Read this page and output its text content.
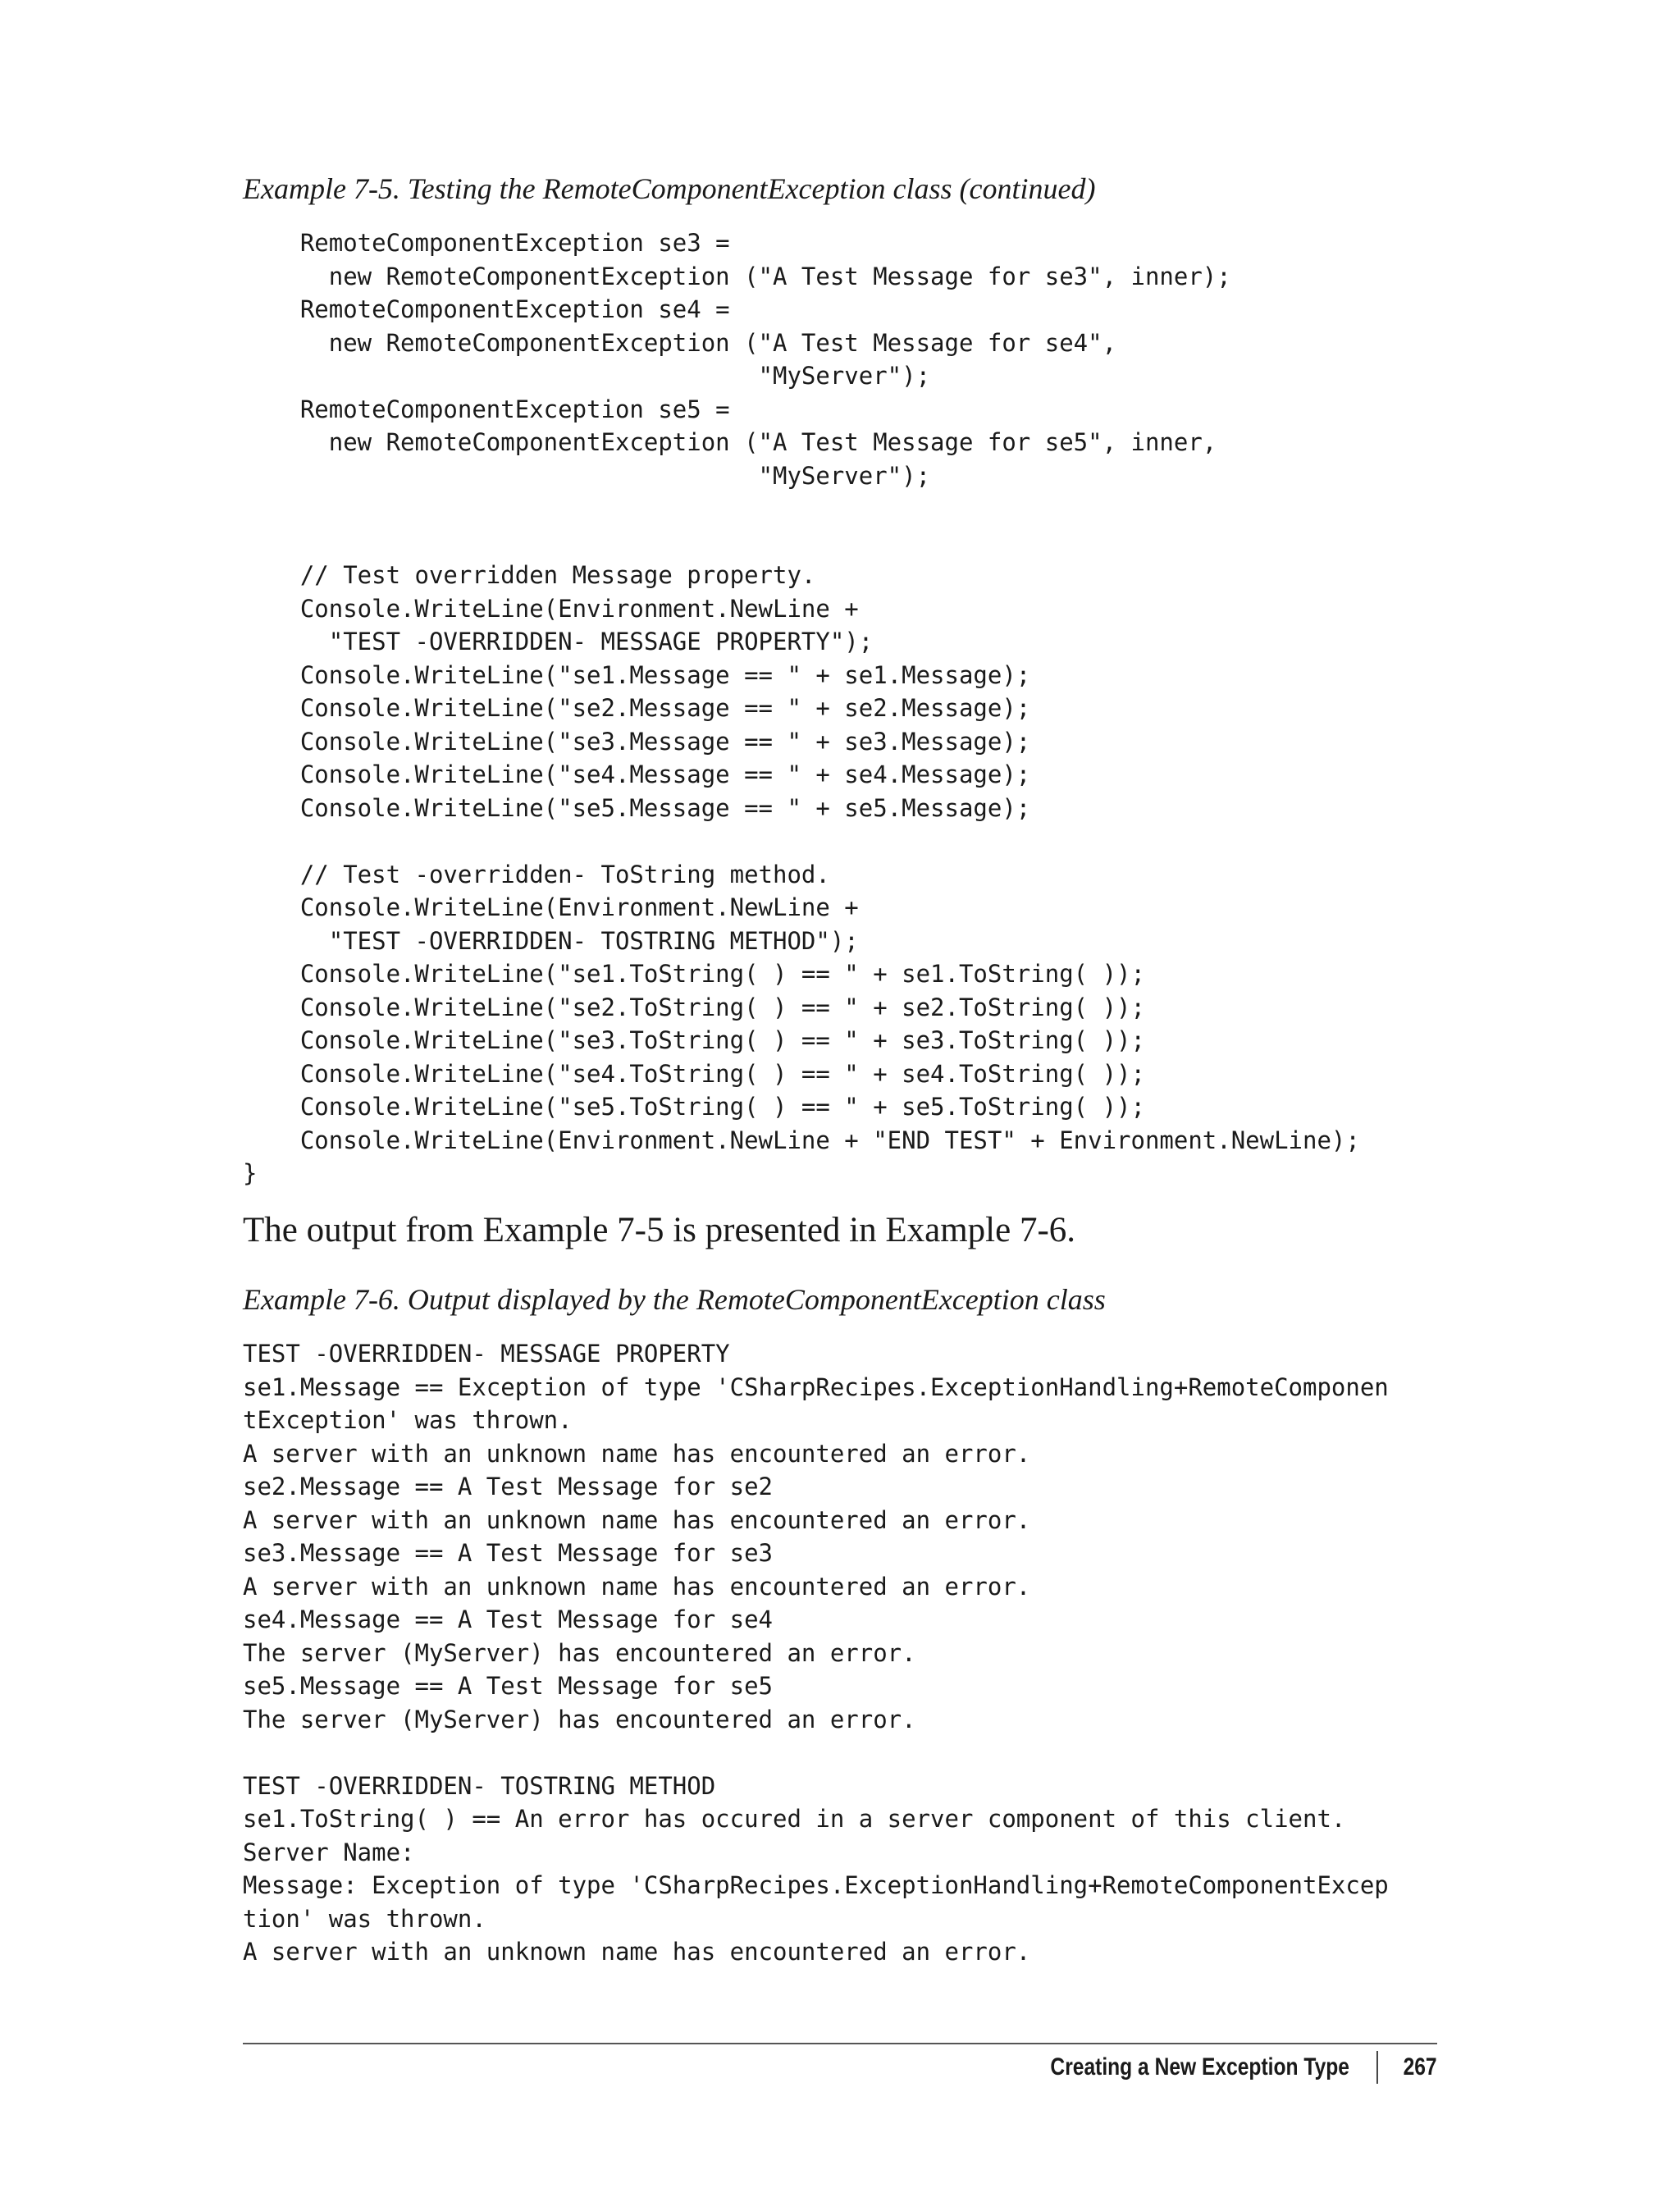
Example 7-5. Testing the RemoteComponentException class (continued)

RemoteComponentException se3 =
new RemoteComponentException ("A Test Message for se3", inner);
RemoteComponentException se4 =
new RemoteComponentException ("A Test Message for se4",
"MyServer");
RemoteComponentException se5 =
new RemoteComponentException ("A Test Message for se5", inner,
"MyServer");

// Test overridden Message property.
Console.WriteLine(Environment.NewLine +
"TEST -OVERRIDDEN- MESSAGE PROPERTY");
Console.WriteLine("se1.Message == " + se1.Message);
Console.WriteLine("se2.Message == " + se2.Message);
Console.WriteLine("se3.Message == " + se3.Message);
Console.WriteLine("se4.Message == " + se4.Message);
Console.WriteLine("se5.Message == " + se5.Message);

// Test -overridden- ToString method.
Console.WriteLine(Environment.NewLine +
"TEST -OVERRIDDEN- TOSTRING METHOD");
Console.WriteLine("se1.ToString( ) == " + se1.ToString( ));
Console.WriteLine("se2.ToString( ) == " + se2.ToString( ));
Console.WriteLine("se3.ToString( ) == " + se3.ToString( ));
Console.WriteLine("se4.ToString( ) == " + se4.ToString( ));
Console.WriteLine("se5.ToString( ) == " + se5.ToString( ));
Console.WriteLine(Environment.NewLine + "END TEST" + Environment.NewLine);
}

The output from Example 7-5 is presented in Example 7-6.

Example 7-6. Output displayed by the RemoteComponentException class

TEST -OVERRIDDEN- MESSAGE PROPERTY
se1.Message == Exception of type 'CSharpRecipes.ExceptionHandling+RemoteComponen
tException' was thrown.
A server with an unknown name has encountered an error.
se2.Message == A Test Message for se2
A server with an unknown name has encountered an error.
se3.Message == A Test Message for se3
A server with an unknown name has encountered an error.
se4.Message == A Test Message for se4
The server (MyServer) has encountered an error.
se5.Message == A Test Message for se5
The server (MyServer) has encountered an error.

TEST -OVERRIDDEN- TOSTRING METHOD
se1.ToString( ) == An error has occured in a server component of this client.
Server Name:
Message: Exception of type 'CSharpRecipes.ExceptionHandling+RemoteComponentExcep
tion' was thrown.
A server with an unknown name has encountered an error.
Creating a New Exception Type 267
